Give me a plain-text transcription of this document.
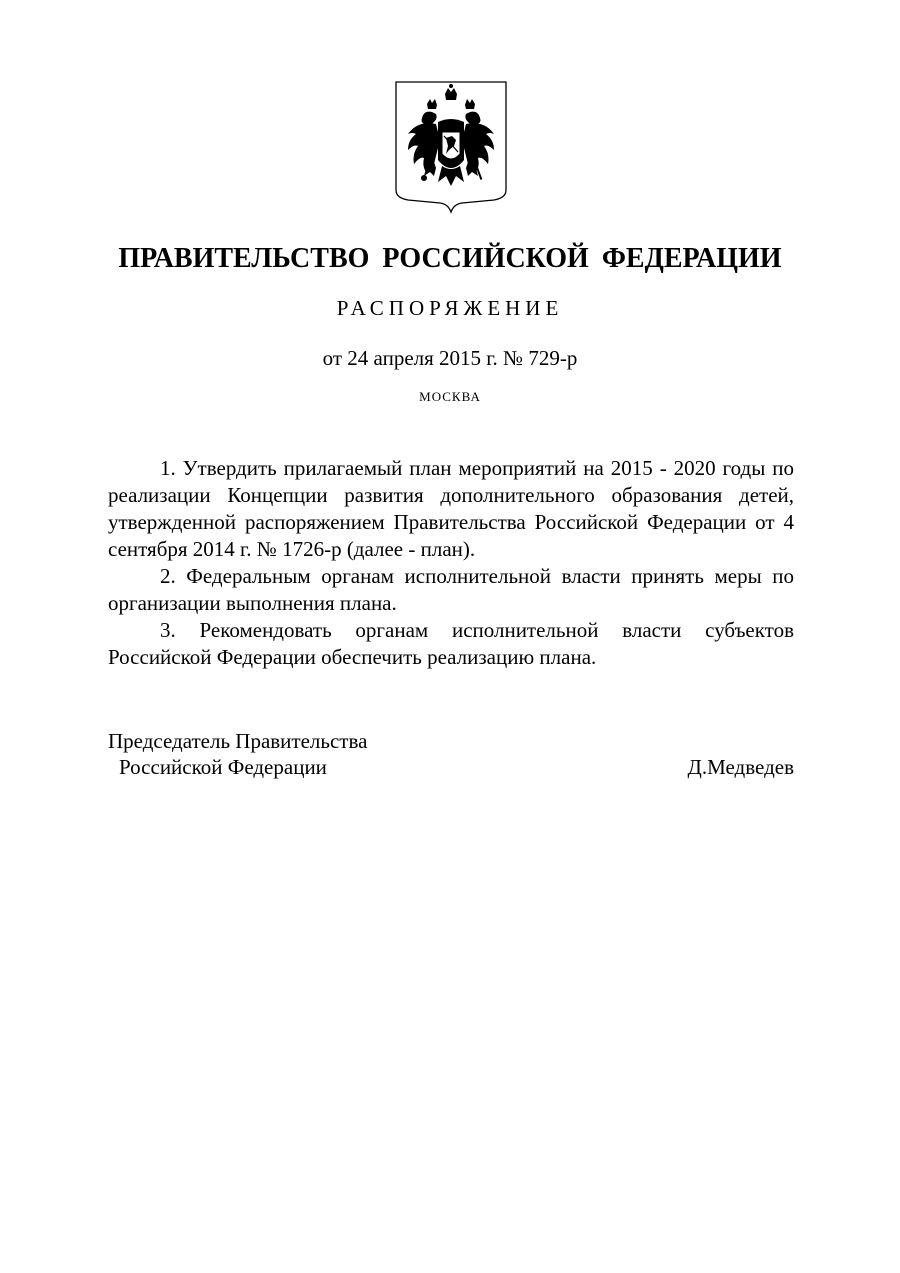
ПРАВИТЕЛЬСТВО РОССИЙСКОЙ ФЕДЕРАЦИИ
РАСПОРЯЖЕНИЕ
от 24 апреля 2015 г. № 729-р
МОСКВА

1. Утвердить прилагаемый план мероприятий на 2015 - 2020 годы по реализации Концепции развития дополнительного образования детей, утвержденной распоряжением Правительства Российской Федерации от 4 сентября 2014 г. № 1726-р (далее - план).

2. Федеральным органам исполнительной власти принять меры по организации выполнения плана.

3. Рекомендовать органам исполнительной власти субъектов Российской Федерации обеспечить реализацию плана.

Председатель Правительства
Российской Федерации	Д.Медведев
